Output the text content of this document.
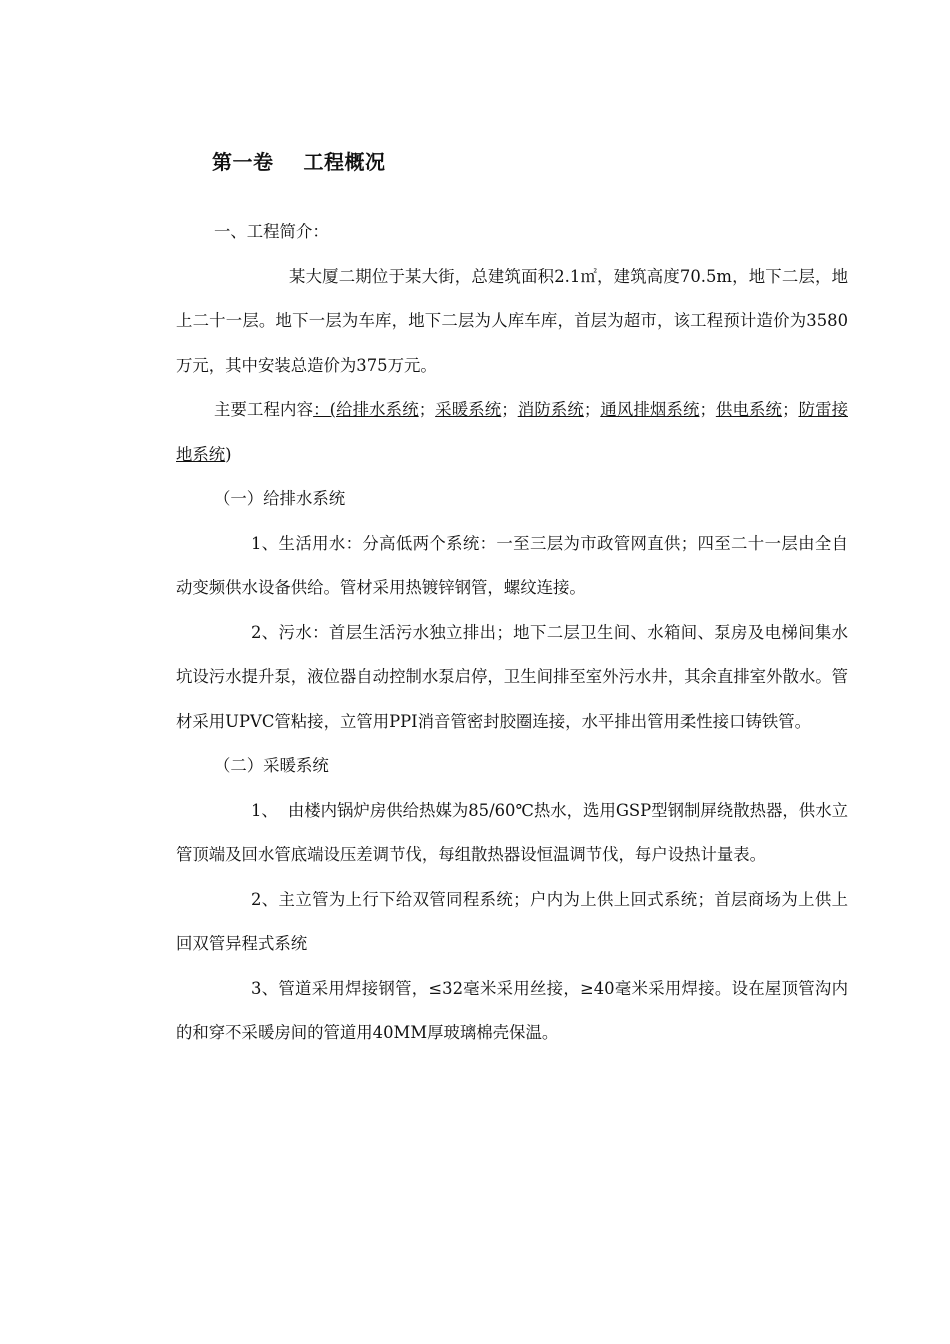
第一卷 工程概况

一、工程简介：

某大厦二期位于某大街，总建筑面积2.1㎡，建筑高度70.5m，地下二层，地上二十一层。地下一层为车库，地下二层为人库车库，首层为超市，该工程预计造价为3580万元，其中安装总造价为375万元。

主要工程内容：(给排水系统；采暖系统；消防系统；通风排烟系统；供电系统；防雷接地系统)

（一）给排水系统

1、生活用水：分高低两个系统：一至三层为市政管网直供；四至二十一层由全自动变频供水设备供给。管材采用热镀锌钢管，螺纹连接。

2、污水：首层生活污水独立排出；地下二层卫生间、水箱间、泵房及电梯间集水坑设污水提升泵，液位器自动控制水泵启停，卫生间排至室外污水井，其余直排室外散水。管材采用UPVC管粘接，立管用PPI消音管密封胶圈连接，水平排出管用柔性接口铸铁管。

（二）采暖系统

1、 由楼内锅炉房供给热媒为85/60℃热水，选用GSP型钢制屏绕散热器，供水立管顶端及回水管底端设压差调节伐，每组散热器设恒温调节伐，每户设热计量表。

2、主立管为上行下给双管同程系统；户内为上供上回式系统；首层商场为上供上回双管异程式系统

3、管道采用焊接钢管，≤32毫米采用丝接，≥40毫米采用焊接。设在屋顶管沟内的和穿不采暖房间的管道用40MM厚玻璃棉壳保温。
